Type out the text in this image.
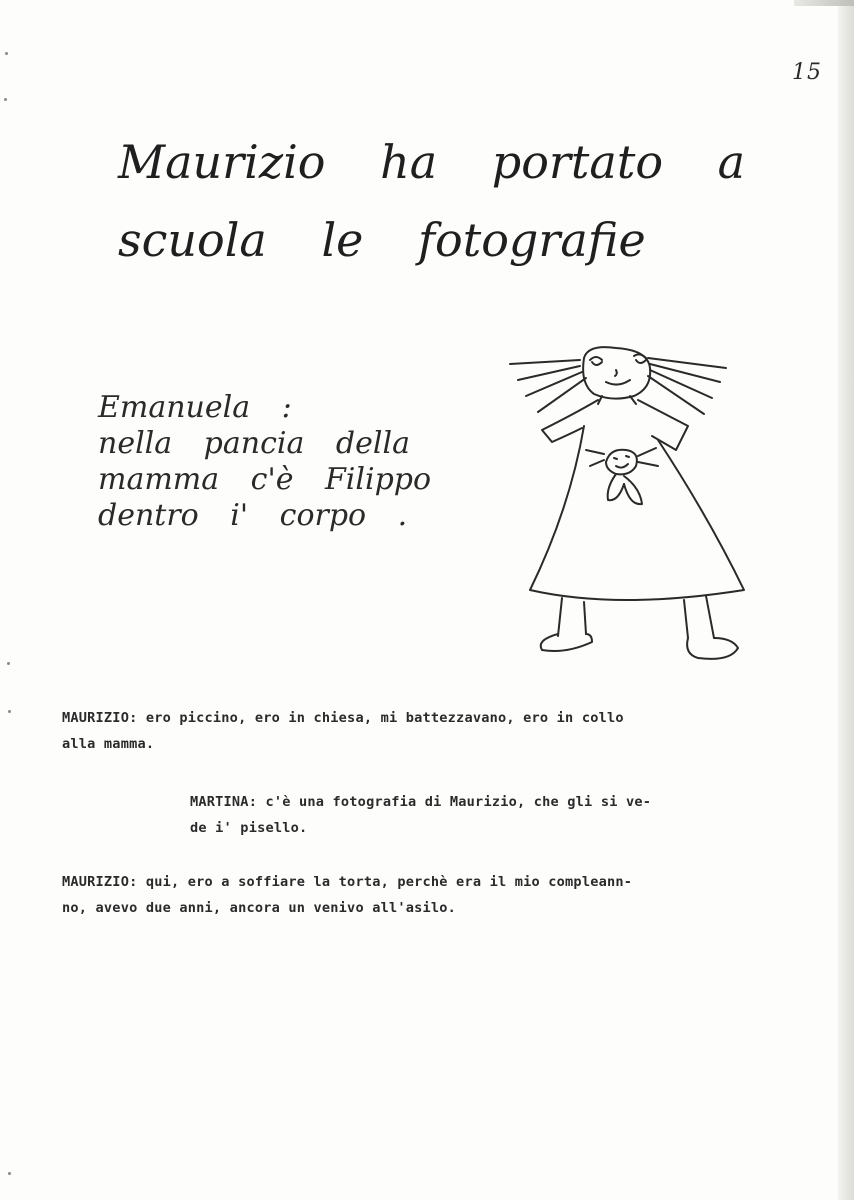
15
Maurizio ha portato a
scuola le fotografie
Emanuela :
nella pancia della
mamma c'è Filippo
dentro i' corpo .
MAURIZIO: ero piccino, ero in chiesa, mi battezzavano, ero in collo
alla mamma.
MARTINA: c'è una fotografia di Maurizio, che gli si ve-
de i' pisello.
MAURIZIO: qui, ero a soffiare la torta, perchè era il mio compleann-
no, avevo due anni, ancora un venivo all'asilo.
